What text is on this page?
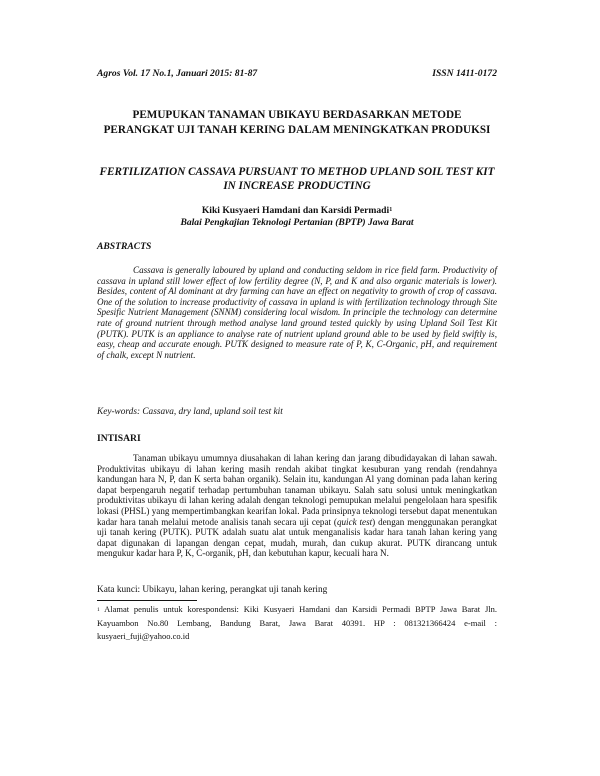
Agros Vol. 17 No.1, Januari 2015: 81-87	ISSN 1411-0172
PEMUPUKAN TANAMAN UBIKAYU BERDASARKAN METODE PERANGKAT UJI TANAH KERING DALAM MENINGKATKAN PRODUKSI
FERTILIZATION CASSAVA PURSUANT TO METHOD UPLAND SOIL TEST KIT IN INCREASE PRODUCTING
Kiki Kusyaeri Hamdani dan Karsidi Permadi$^1$
Balai Pengkajian Teknologi Pertanian (BPTP) Jawa Barat
ABSTRACTS
Cassava is generally laboured by upland and conducting seldom in rice field farm. Productivity of cassava in upland still lower effect of low fertility degree (N, P, and K and also organic materials is lower). Besides, content of Al dominant at dry farming can have an effect on negativity to growth of crop of cassava. One of the solution to increase productivity of cassava in upland is with fertilization technology through Site Spesific Nutrient Management (SNNM) considering local wisdom. In principle the technology can determine rate of ground nutrient through method analyse land ground tested quickly by using Upland Soil Test Kit (PUTK). PUTK is an appliance to analyse rate of nutrient upland ground able to be used by field swiftly is, easy, cheap and accurate enough. PUTK designed to measure rate of P, K, C-Organic, pH, and requirement of chalk, except N nutrient.
Key-words: Cassava, dry land, upland soil test kit
INTISARI
Tanaman ubikayu umumnya diusahakan di lahan kering dan jarang dibudidayakan di lahan sawah. Produktivitas ubikayu di lahan kering masih rendah akibat tingkat kesuburan yang rendah (rendahnya kandungan hara N, P, dan K serta bahan organik). Selain itu, kandungan Al yang dominan pada lahan kering dapat berpengaruh negatif terhadap pertumbuhan tanaman ubikayu. Salah satu solusi untuk meningkatkan produktivitas ubikayu di lahan kering adalah dengan teknologi pemupukan melalui pengelolaan hara spesifik lokasi (PHSL) yang mempertimbangkan kearifan lokal. Pada prinsipnya teknologi tersebut dapat menentukan kadar hara tanah melalui metode analisis tanah secara uji cepat (quick test) dengan menggunakan perangkat uji tanah kering (PUTK). PUTK adalah suatu alat untuk menganalisis kadar hara tanah lahan kering yang dapat digunakan di lapangan dengan cepat, mudah, murah, dan cukup akurat. PUTK dirancang untuk mengukur kadar hara P, K, C-organik, pH, dan kebutuhan kapur, kecuali hara N.
Kata kunci: Ubikayu, lahan kering, perangkat uji tanah kering
$^1$ Alamat penulis untuk korespondensi: Kiki Kusyaeri Hamdani dan Karsidi Permadi BPTP Jawa Barat Jln. Kayuambon No.80 Lembang, Bandung Barat, Jawa Barat 40391. HP : 081321366424 e-mail : kusyaeri_fuji@yahoo.co.id
